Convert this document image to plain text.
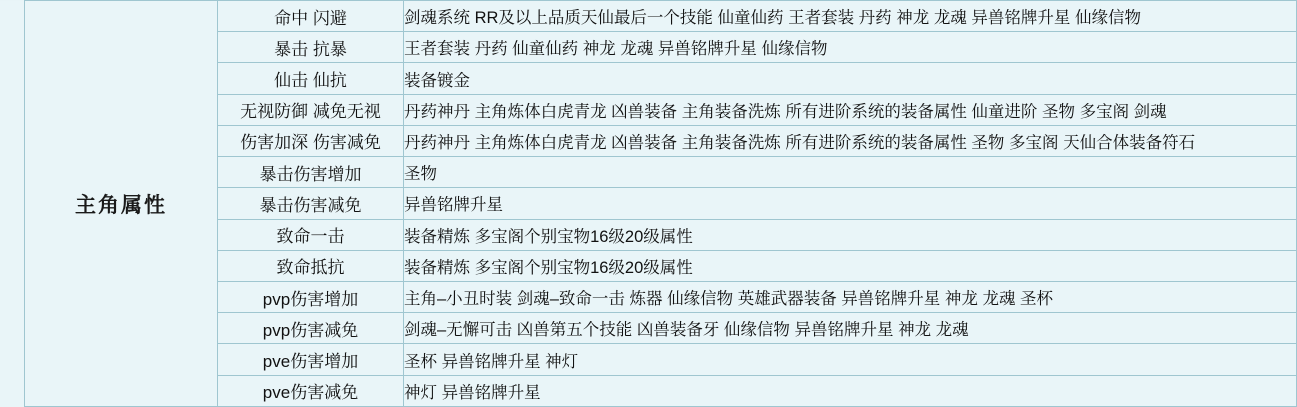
	主角属性	命中 闪避	剑魂系统 RR及以上品质天仙最后一个技能 仙童仙药 王者套装 丹药 神龙 龙魂 异兽铭牌升星 仙缘信物
		暴击 抗暴	王者套装 丹药 仙童仙药 神龙 龙魂 异兽铭牌升星 仙缘信物
		仙击 仙抗	装备镀金
		无视防御 减免无视	丹药神丹 主角炼体白虎青龙 凶兽装备 主角装备洗炼 所有进阶系统的装备属性 仙童进阶 圣物 多宝阁 剑魂
		伤害加深 伤害减免	丹药神丹 主角炼体白虎青龙 凶兽装备 主角装备洗炼 所有进阶系统的装备属性 圣物 多宝阁 天仙合体装备符石
		暴击伤害增加	圣物
		暴击伤害减免	异兽铭牌升星
		致命一击	装备精炼 多宝阁个别宝物16级20级属性
		致命抵抗	装备精炼 多宝阁个别宝物16级20级属性
		pvp伤害增加	主角–小丑时装 剑魂–致命一击 炼器 仙缘信物 英雄武器装备 异兽铭牌升星 神龙 龙魂 圣杯
		pvp伤害减免	剑魂–无懈可击 凶兽第五个技能 凶兽装备牙 仙缘信物 异兽铭牌升星 神龙 龙魂
		pve伤害增加	圣杯 异兽铭牌升星 神灯
		pve伤害减免	神灯 异兽铭牌升星
